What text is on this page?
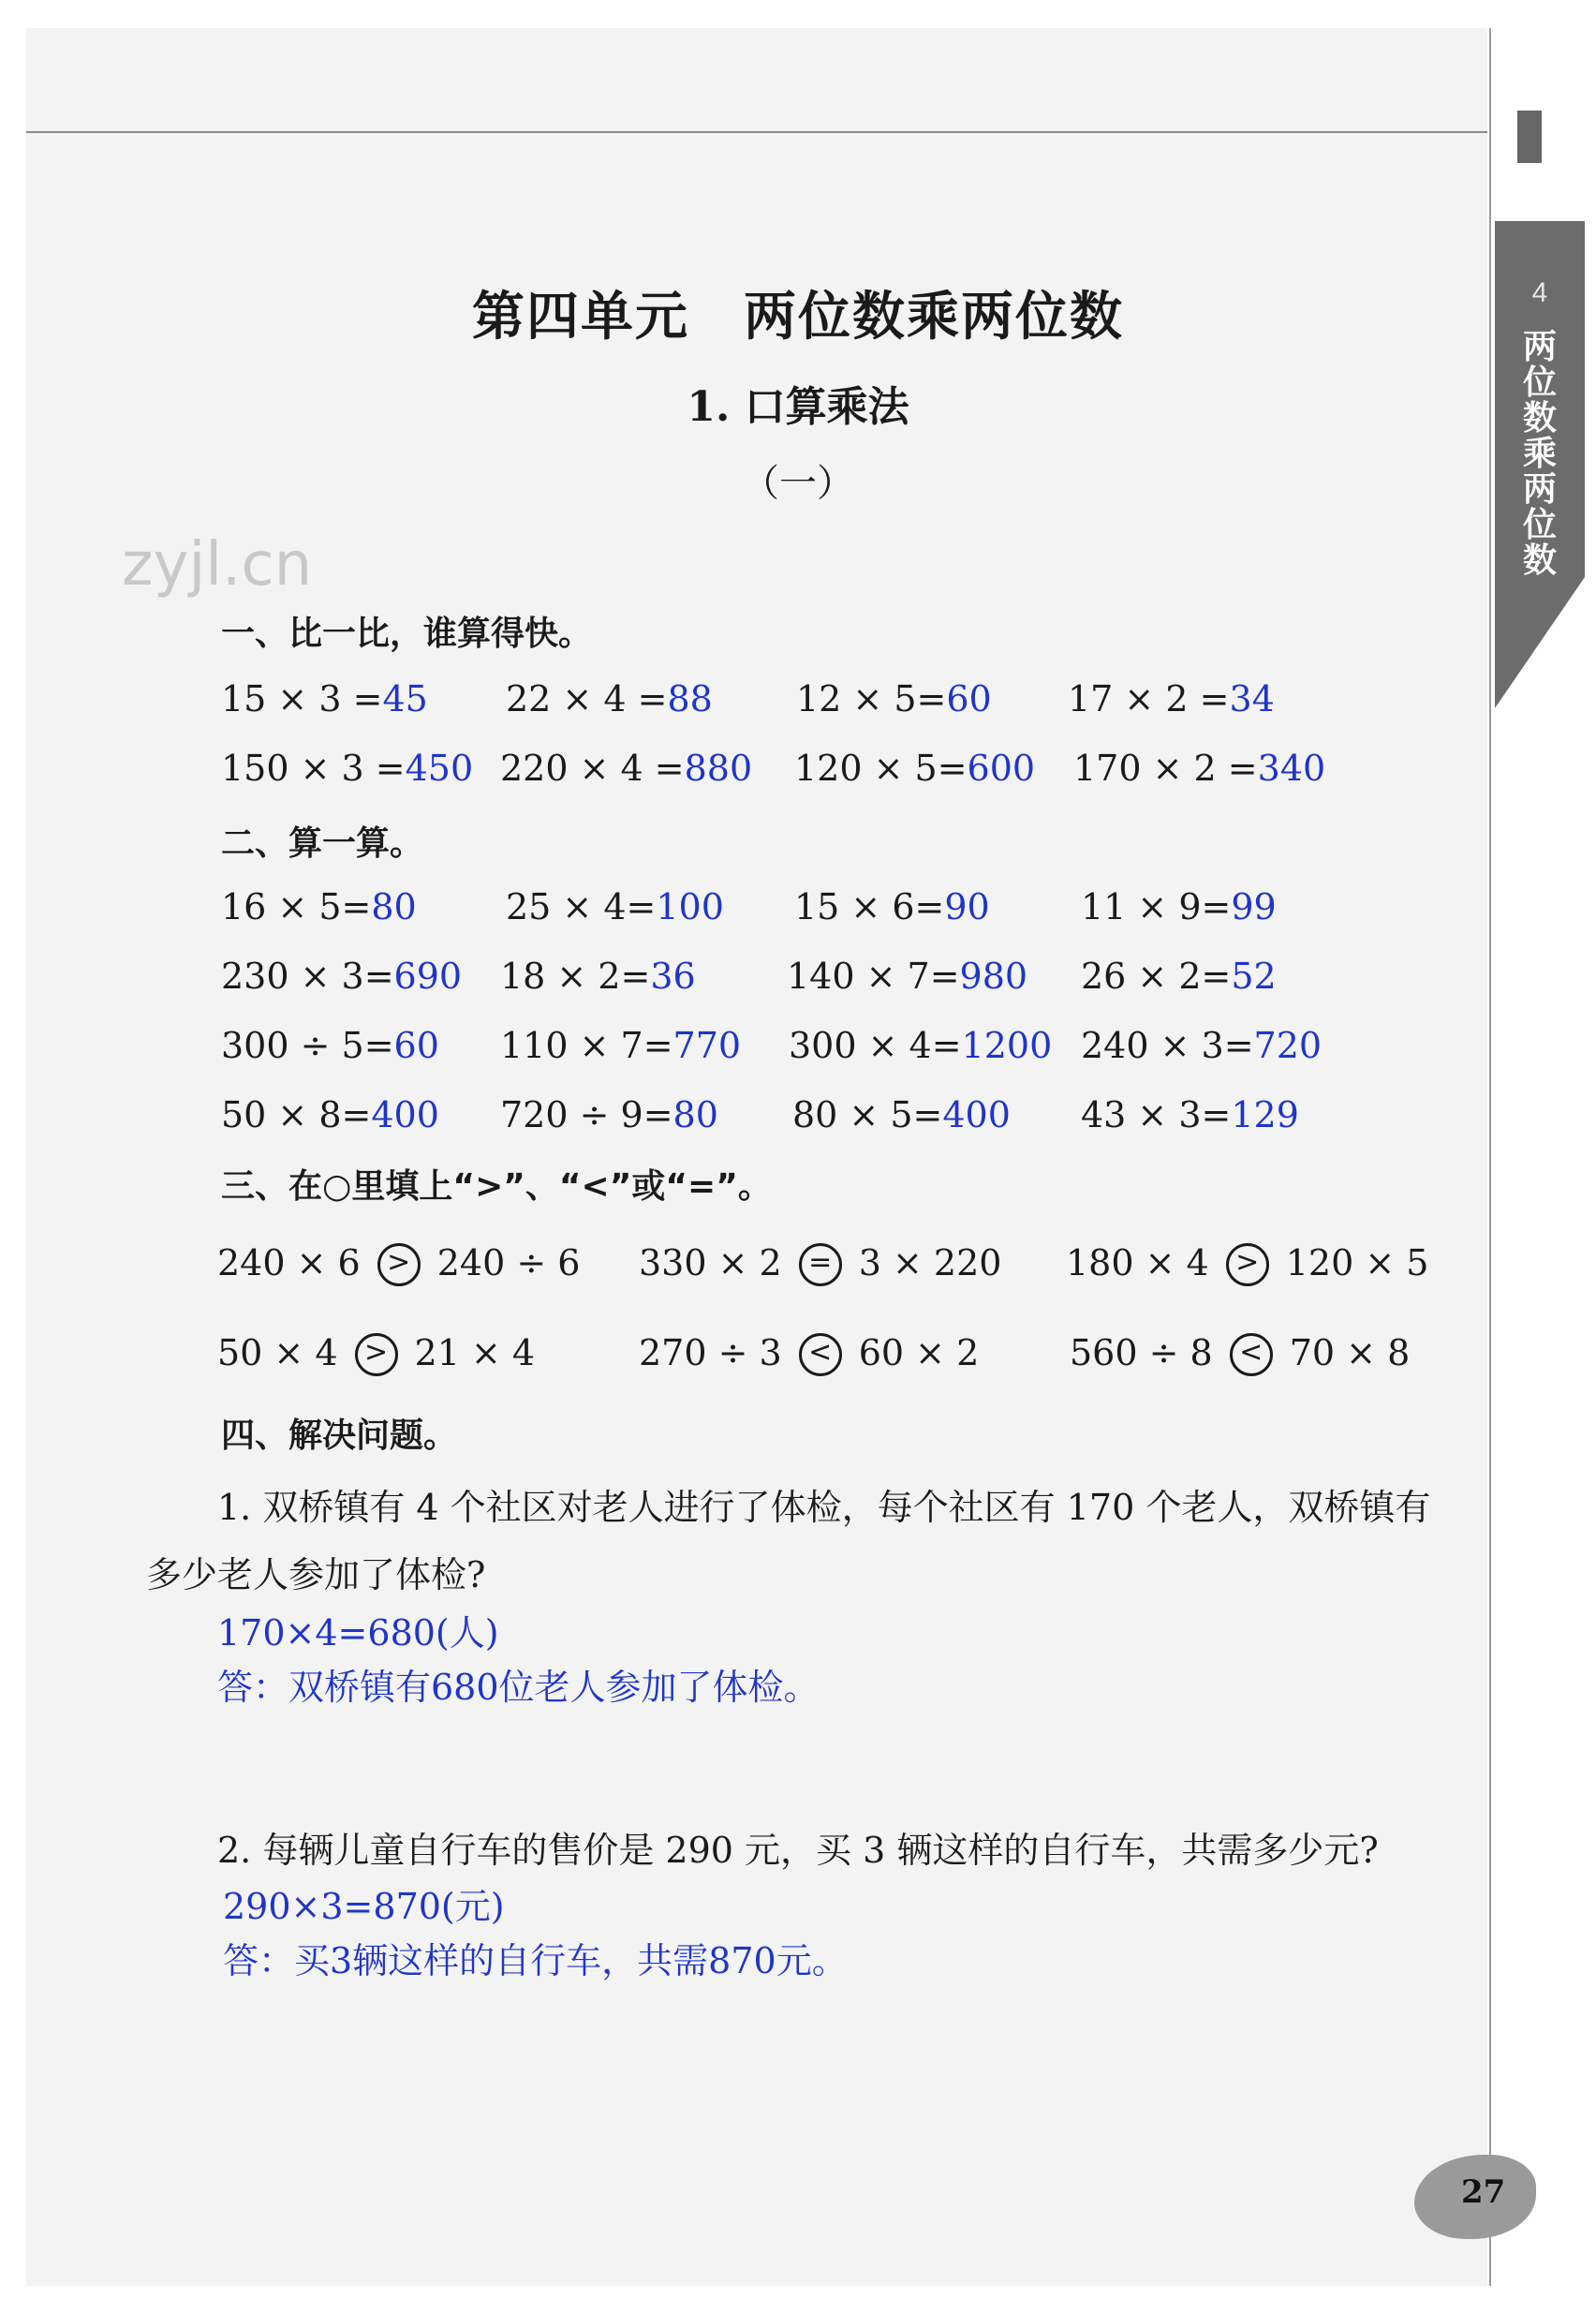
4
两位数乘两位数
第四单元　两位数乘两位数
1. 口算乘法
（一）
zyjl.cn
一、比一比，谁算得快。
15 × 3 =45 22 × 4 =88 12 × 5=60 17 × 2 =34
150 × 3 =450 220 × 4 =880 120 × 5=600 170 × 2 =340
二、算一算。
16 × 5=80	25 × 4=100 15 × 6=90	11 × 9=99
230 × 3=690 18 × 2=36	140 × 7=980 26 × 2=52
300 ÷ 5=60 110 × 7=770 300 × 4=1200 240 × 3=720
50 × 8=400 720 ÷ 9=80 80 × 5=400 43 × 3=129
三、在○里填上“>”、“<”或“=”。
240 × 6 > 240 ÷ 6 330 × 2 = 3 × 220 180 × 4 > 120 × 5
50 × 4 > 21 × 4	270 ÷ 3 < 60 × 2	560 ÷ 8 < 70 × 8
四、解决问题。
1. 双桥镇有 4 个社区对老人进行了体检，每个社区有 170 个老人，双桥镇有
多少老人参加了体检?
170×4=680(人)
答：双桥镇有680位老人参加了体检。
2. 每辆儿童自行车的售价是 290 元，买 3 辆这样的自行车，共需多少元?
290×3=870(元)
答：买3辆这样的自行车，共需870元。
27
